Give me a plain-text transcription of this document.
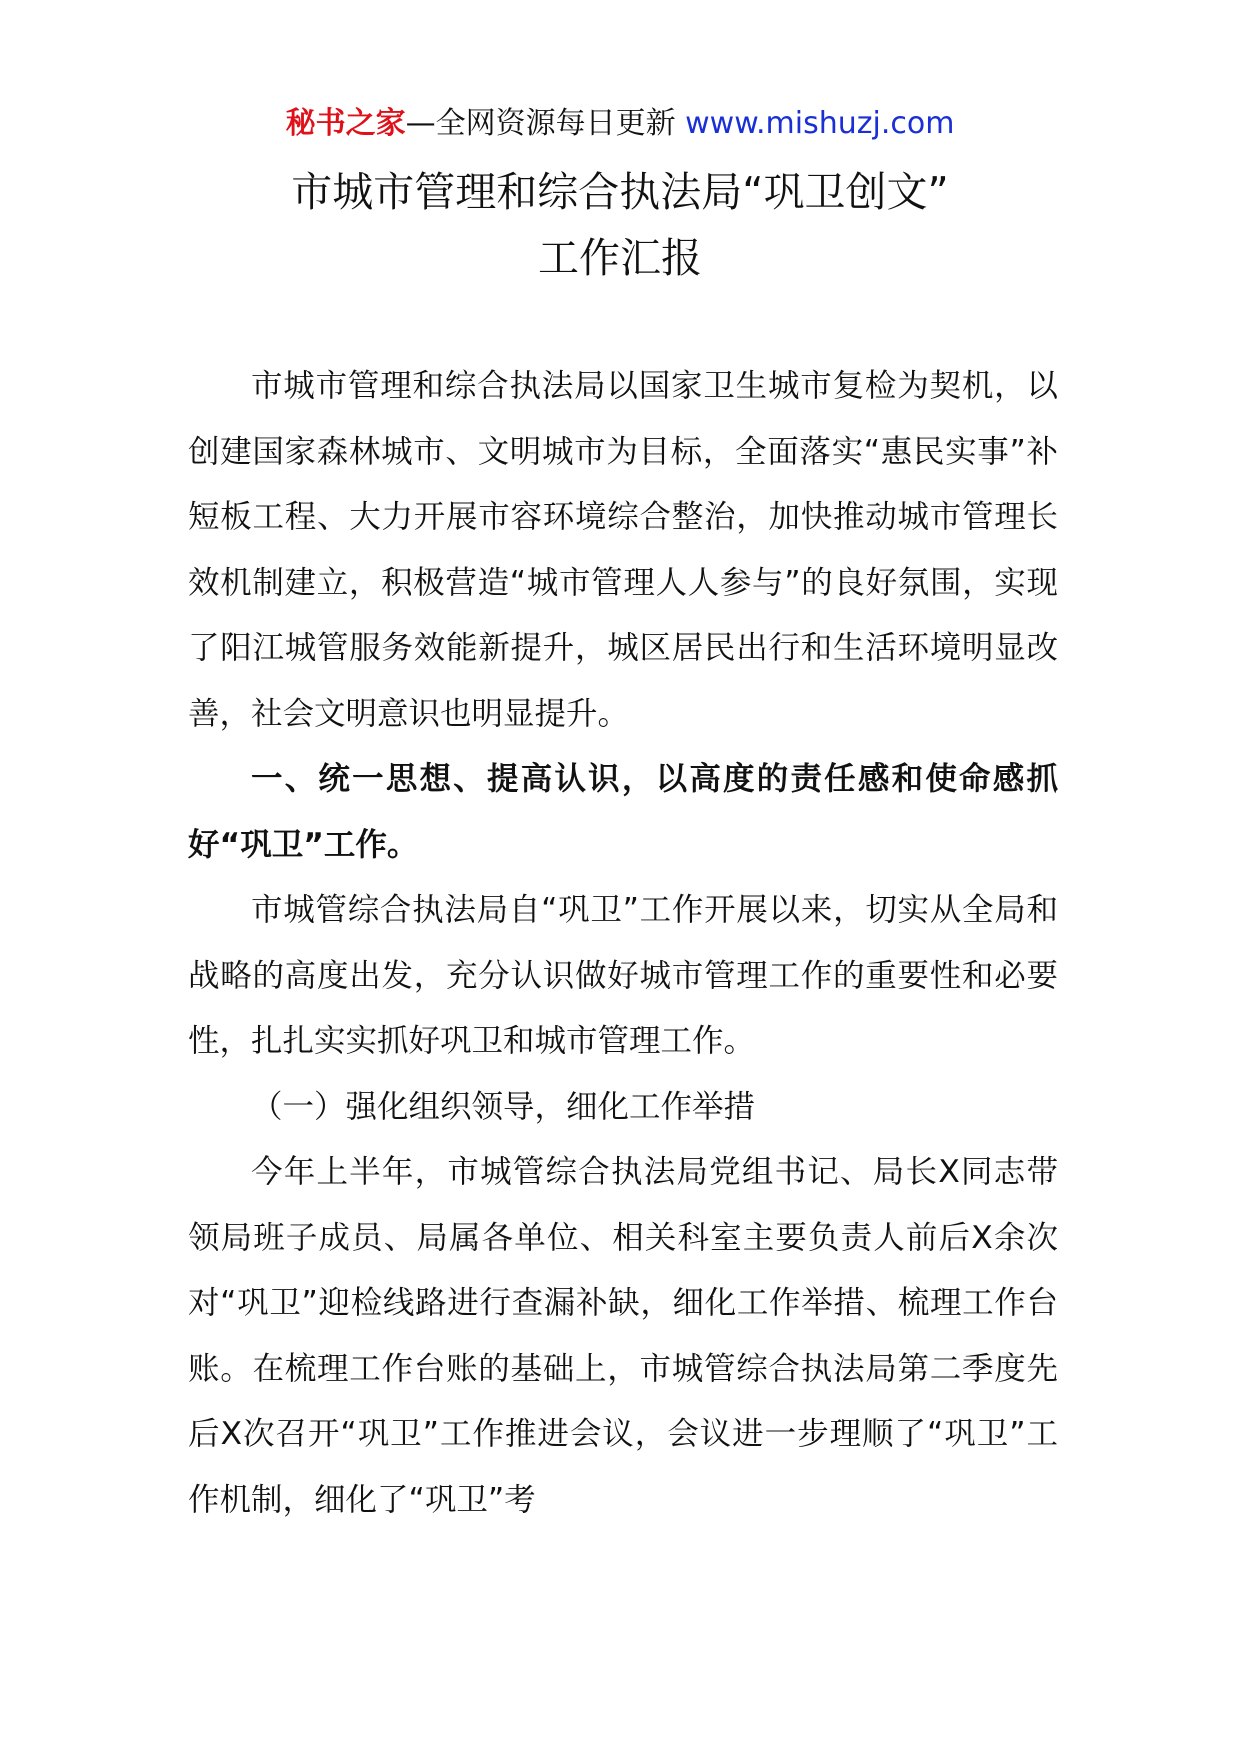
秘书之家—全网资源每日更新 www.mishuzj.com
市城市管理和综合执法局“巩卫创文”
工作汇报

市城市管理和综合执法局以国家卫生城市复检为契机，以创建国家森林城市、文明城市为目标，全面落实“惠民实事”补短板工程、大力开展市容环境综合整治，加快推动城市管理长效机制建立，积极营造“城市管理人人参与”的良好氛围，实现了阳江城管服务效能新提升，城区居民出行和生活环境明显改善，社会文明意识也明显提升。

一、统一思想、提高认识，以高度的责任感和使命感抓好“巩卫”工作。

市城管综合执法局自“巩卫”工作开展以来，切实从全局和战略的高度出发，充分认识做好城市管理工作的重要性和必要性，扎扎实实抓好巩卫和城市管理工作。

（一）强化组织领导，细化工作举措

今年上半年，市城管综合执法局党组书记、局长X同志带领局班子成员、局属各单位、相关科室主要负责人前后X余次对“巩卫”迎检线路进行查漏补缺，细化工作举措、梳理工作台账。在梳理工作台账的基础上，市城管综合执法局第二季度先后X次召开“巩卫”工作推进会议，会议进一步理顺了“巩卫”工作机制，细化了“巩卫”考
